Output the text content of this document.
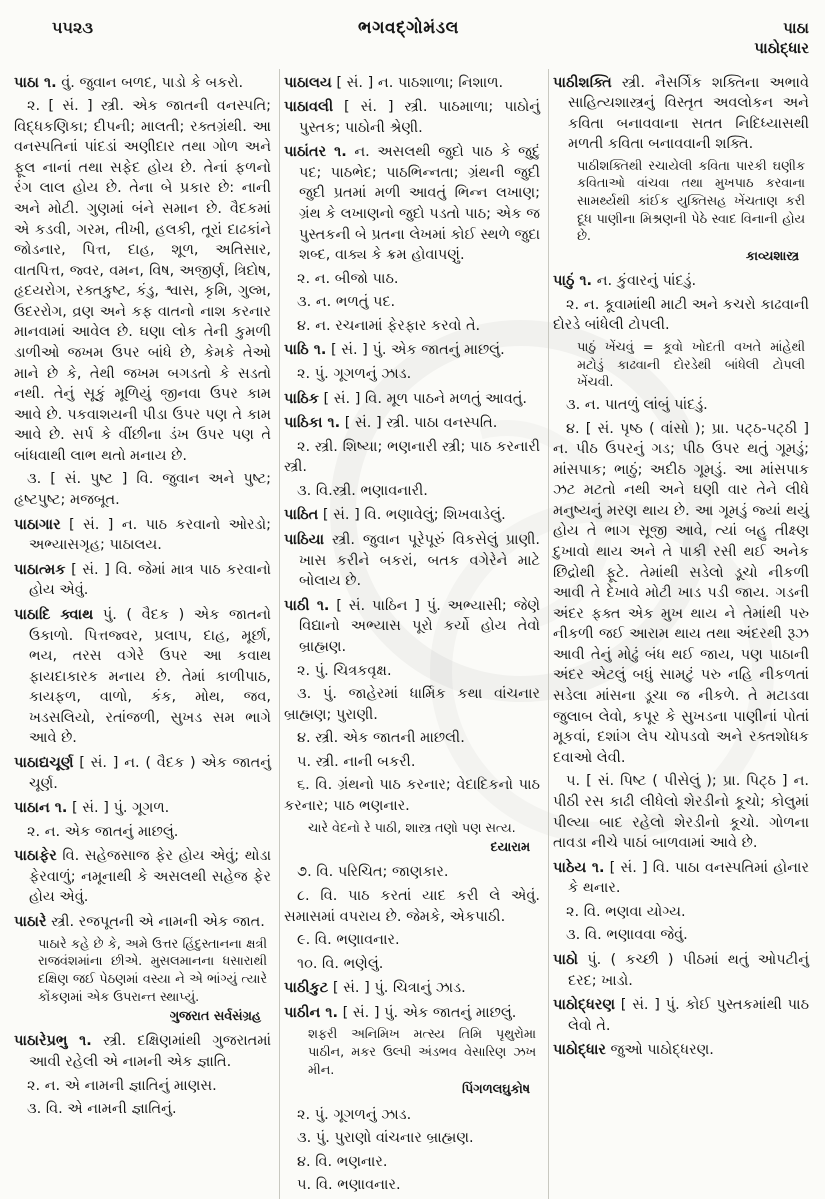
૫૫૨૩	ભગવદ્ગોમંડલ	પાઠા
પાઠોદ્ધાર

પાઠા ૧. વું. જુવાન બળદ, પાડો કે બકરો.

૨. [ સં. ] સ્ત્રી. એક જાતની વનસ્પતિ; વિદ્ધકણિકા; દીપની; માલતી; રક્તગ્રંથી. આ વનસ્પતિનાં પાંદડાં અણીદાર તથા ગોળ અને ફૂલ નાનાં તથા સફેદ હોય છે. તેનાં ફળનો રંગ લાલ હોય છે. તેના બે પ્રકાર છે: નાની અને મોટી. ગુણમાં બંને સમાન છે. વૈદકમાં એ કડવી, ગરમ, તીખી, હલકી, તૂરાં દાઢકાંને જોડનાર, પિત્ત, દાહ, શૂળ, અતિસાર, વાતપિત્ત, જ્વર, વમન, વિષ, અજીર્ણ, ત્રિદોષ, હૃદયરોગ, રક્તકુષ્ટ, કંડુ, શ્વાસ, કૃમિ, ગુલ્મ, ઉદરરોગ, વ્રણ અને કફ વાતનો નાશ કરનાર માનવામાં આવેલ છે. ઘણા લોક તેની કુમળી ડાળીઓ જખમ ઉપર બાંધે છે, કેમકે તેઓ માને છે કે, તેથી જખમ બગડતો કે સડતો નથી. તેનું સૂકું મૂળિયું જીનવા ઉપર કામ આવે છે. પકવાશયની પીડા ઉપર પણ તે કામ આવે છે. સર્પ કે વીંછીના ડંખ ઉપર પણ તે બાંધવાથી લાભ થતો મનાય છે.

૩. [ સં. પુષ્ટ ] વિ. જુવાન અને પુષ્ટ; હૃષ્ટપુષ્ટ; મજબૂત.

પાઠાગાર [ સં. ] ન. પાઠ કરવાનો ઓરડો; અભ્યાસગૃહ; પાઠાલય.

પાઠાત્મક [ સં. ] વિ. જેમાં માત્ર પાઠ કરવાનો હોય એવું.

પાઠાદિ ક્વાથ પું. ( વૈદક ) એક જાતનો ઉકાળો. પિત્તજ્વર, પ્રલાપ, દાહ, મૂર્છા, ભય, તરસ વગેરે ઉપર આ કવાથ ફાયદાકારક મનાય છે. તેમાં કાળીપાઠ, કાયફળ, વાળો, કંક, મોથ, જવ, ખડસલિયો, રતાંજળી, સુખડ સમ ભાગે આવે છે.

પાઠાદ્યચૂર્ણ [ સં. ] ન. ( વૈદક ) એક જાતનું ચૂર્ણ.

પાઠાન ૧. [ સં. ] પું. ગૂગળ.

૨. ન. એક જાતનું માછલું.

પાઠાફેર વિ. સહેજસાજ ફેર હોય એવું; થોડા ફેરવાળું; નમૂનાથી કે અસલથી સહેજ ફેર હોય એવું.

પાઠારે સ્ત્રી. રજપૂતની એ નામની એક જાત.

પાઠારે કહે છે કે, અમે ઉત્તર હિંદુસ્તાનના ક્ષત્રી રાજવંશમાંના છીએ. મુસલમાનના ધસારાથી દક્ષિણ જઈ પેઠણમાં વસ્યા ને એ ભાંગ્યું ત્યારે કોંકણમાં એક ઉપરાન્ત સ્થાપ્યું.

ગુજરાત સર્વસંગ્રહ

પાઠારેપ્રભુ ૧. સ્ત્રી. દક્ષિણમાંથી ગુજરાતમાં આવી રહેલી એ નામની એક જ્ઞાતિ.

૨. ન. એ નામની જ્ઞાતિનું માણસ.

૩. વિ. એ નામની જ્ઞાતિનું.

પાઠાલય [ સં. ] ન. પાઠશાળા; નિશાળ.

પાઠાવલી [ સં. ] સ્ત્રી. પાઠમાળા; પાઠોનું પુસ્તક; પાઠોની શ્રેણી.

પાઠાંતર ૧. ન. અસલથી જુદો પાઠ કે જુદું પદ; પાઠભેદ; પાઠભિન્નતા; ગ્રંથની જુદી જુદી પ્રતમાં મળી આવતું ભિન્ન લખાણ; ગ્રંથ કે લખાણનો જુદો પડતો પાઠ; એક જ પુસ્તકની બે પ્રતના લેખમાં કોઈ સ્થળે જુદા શબ્દ, વાક્ય કે ક્રમ હોવાપણું.

૨. ન. બીજો પાઠ.

૩. ન. ભળતું પદ.

૪. ન. રચનામાં ફેરફાર કરવો તે.

પાઠિ ૧. [ સં. ] પું. એક જાતનું માછલું.

૨. પું. ગૂગળનું ઝાડ.

પાઠિક [ સં. ] વિ. મૂળ પાઠને મળતું આવતું.

પાઠિકા ૧. [ સં. ] સ્ત્રી. પાઠા વનસ્પતિ.

૨. સ્ત્રી. શિષ્યા; ભણનારી સ્ત્રી; પાઠ કરનારી સ્ત્રી.

૩. વિ.સ્ત્રી. ભણાવનારી.

પાઠિત [ સં. ] વિ. ભણાવેલું; શિખવાડેલું.

પાઠિયા સ્ત્રી. જુવાન પૂરેપૂરું વિકસેલું પ્રાણી. ખાસ કરીને બકરાં, બતક વગેરેને માટે બોલાય છે.

પાઠી ૧. [ સં. પાઠિન ] પું. અભ્યાસી; જેણે વિદ્યાનો અભ્યાસ પૂરો કર્યો હોય તેવો બ્રાહ્મણ.

૨. પું. ચિત્રકવૃક્ષ.

૩. પું. જાહેરમાં ધાર્મિક કથા વાંચનાર બ્રાહ્મણ; પુરાણી.

૪. સ્ત્રી. એક જાતની માછલી.

૫. સ્ત્રી. નાની બકરી.

૬. વિ. ગ્રંથનો પાઠ કરનાર; વેદાદિકનો પાઠ કરનાર; પાઠ ભણનાર.

ચારે વેદનો રે પાઠી, શાસ્ત્ર તણો પણ સત્ય.

દયારામ

૭. વિ. પરિચિત; જાણકાર.

૮. વિ. પાઠ કરતાં યાદ કરી લે એવું. સમાસમાં વપરાય છે. જેમકે, એકપાઠી.

૯. વિ. ભણાવનાર.

૧૦. વિ. ભણેલું.

પાઠીકુટ [ સં. ] પું. ચિત્રાનું ઝાડ.

પાઠીન ૧. [ સં. ] પું. એક જાતનું માછલું.

શફરી અનિમિખ મત્સ્ય તિમિ પૃથુરોમા પાઠીન, મકર ઉલ્પી અંડભવ વેસારિણ ઝખ મીન.

પિંગળલઘુકોષ

૨. પું. ગૂગળનું ઝાડ.

૩. પું. પુરાણો વાંચનાર બ્રાહ્મણ.

૪. વિ. ભણનાર.

૫. વિ. ભણાવનાર.

પાઠીશક્તિ સ્ત્રી. નૈસર્ગિક શક્તિના અભાવે સાહિત્યશાસ્ત્રનું વિસ્તૃત અવલોકન અને કવિતા બનાવવાના સતત નિદિધ્યાસથી મળતી કવિતા બનાવવાની શક્તિ.

પાઠીશક્તિથી રચાયેલી કવિતા પારકી ઘણીક કવિતાઓ વાંચવા તથા મુખપાઠ કરવાના સામર્થ્યથી કાંઈક યુક્તિસહ ખેંચતાણ કરી દૂધ પાણીના મિશ્રણની પેઠે સ્વાદ વિનાની હોય છે.

કાવ્યશાસ્ત્ર

પાઠું ૧. ન. કુંવારનું પાંદડું.

૨. ન. કૂવામાંથી માટી અને કચરો કાઢવાની દોરડે બાંધેલી ટોપલી.

પાઠું ખેંચવું = કૂવો ખોદતી વખતે માંહેથી મટોડું કાઢવાની દોરડેથી બાંધેલી ટોપલી ખેંચવી.

૩. ન. પાતળું લાંબું પાંદડું.

૪. [ સં. પૃષ્ઠ ( વાંસો ); પ્રા. પટ્ઠ-પટ્ઠી ] ન. પીઠ ઉપરનું ગડ; પીઠ ઉપર થતું ગૂમડું; માંસપાક; ભાઠું; અદીઠ ગૂમડું. આ માંસપાક ઝટ મટતો નથી અને ઘણી વાર તેને લીધે મનુષ્યનું મરણ થાય છે. આ ગૂમડું જ્યાં થયું હોય તે ભાગ સૂજી આવે, ત્યાં બહુ તીક્ષ્ણ દુખાવો થાય અને તે પાકી રસી થઈ અનેક છિદ્રોથી ફૂટે. તેમાંથી સડેલો ડૂચો નીકળી આવી તે દેખાવે મોટી ખાડ પડી જાય. ગડની અંદર ફક્ત એક મુખ થાય ને તેમાંથી પરુ નીકળી જઈ આરામ થાય તથા અંદરથી રૂઝ આવી તેનું મોઢું બંધ થઈ જાય, પણ પાઠાની અંદર એટલું બધું સામટું પરુ નહિ નીકળતાં સડેલા માંસના ડૂચા જ નીકળે. તે મટાડવા જુલાબ લેવો, કપૂર કે સુખડના પાણીનાં પોતાં મૂકવાં, દશાંગ લેપ ચોપડવો અને રક્તશોધક દવાઓ લેવી.

૫. [ સં. પિષ્ટ ( પીસેલું ); પ્રા. પિટ્ઠ ] ન. પીઠી રસ કાઢી લીધેલો શેરડીનો કૂચો; કોલુમાં પીલ્યા બાદ રહેલો શેરડીનો કૂચો. ગોળના તાવડા નીચે પાઠાં બાળવામાં આવે છે.

પાઠેય ૧. [ સં. ] વિ. પાઠા વનસ્પતિમાં હોનાર કે થનાર.

૨. વિ. ભણવા યોગ્ય.

૩. વિ. ભણાવવા જેવું.

પાઠો પું. ( કચ્છી ) પીઠમાં થતું ઓપટીનું દરદ; ખાડો.

પાઠોદ્ધરણ [ સં. ] પું. કોઈ પુસ્તકમાંથી પાઠ લેવો તે.

પાઠોદ્ધાર જુઓ પાઠોદ્ધરણ.
